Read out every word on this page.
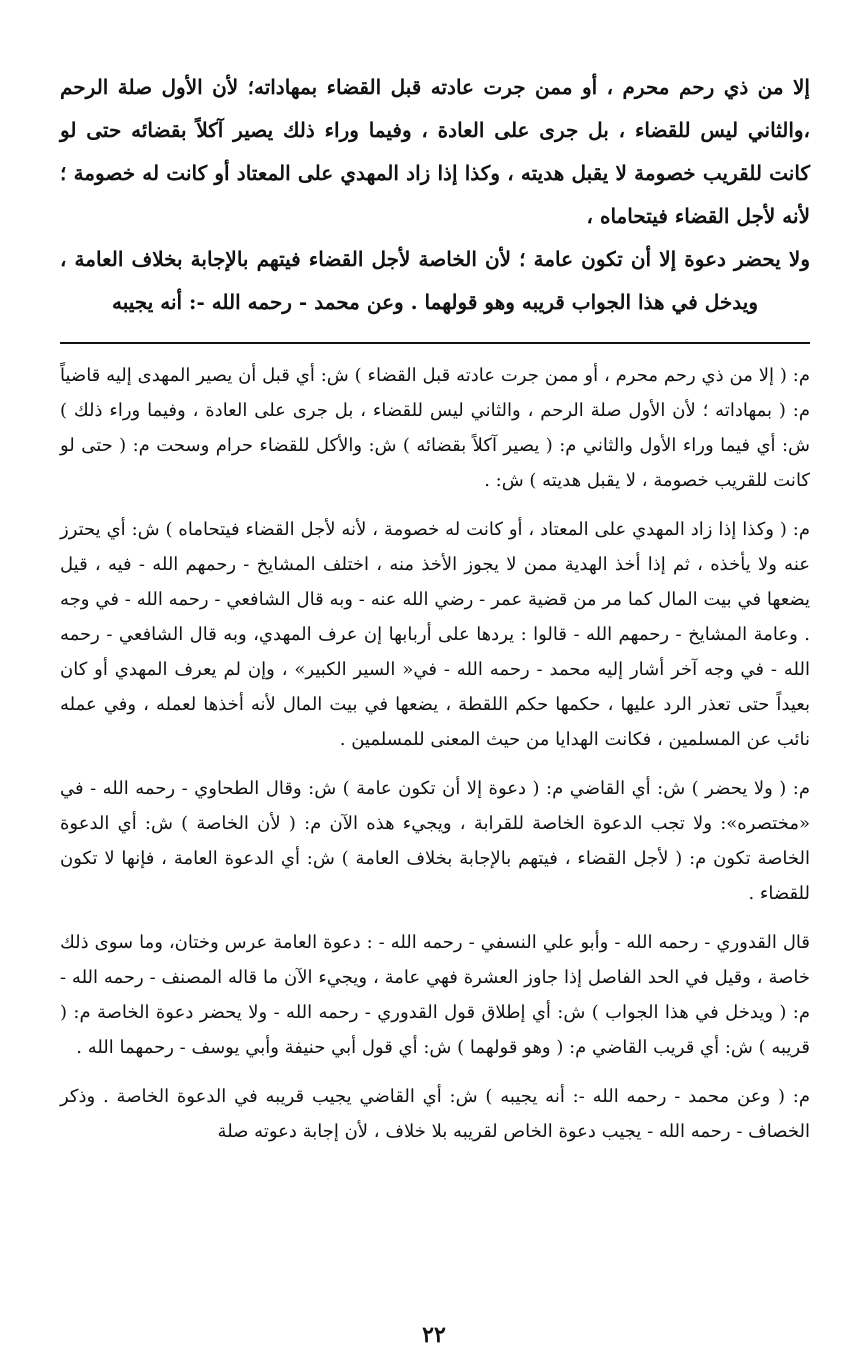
إلا من ذي رحم محرم ، أو ممن جرت عادته قبل القضاء بمهاداته؛ لأن الأول صلة الرحم ،والثاني ليس للقضاء ، بل جرى على العادة ، وفيما وراء ذلك يصير آكلاً بقضائه حتى لو كانت للقريب خصومة لا يقبل هديته ، وكذا إذا زاد المهدي على المعتاد أو كانت له خصومة ؛لأنه لأجل القضاء فيتحاماه ،

ولا يحضر دعوة إلا أن تكون عامة ؛ لأن الخاصة لأجل القضاء فيتهم بالإجابة بخلاف العامة ، ويدخل في هذا الجواب قريبه وهو قولهما . وعن محمد - رحمه الله -: أنه يجيبه

م: ( إلا من ذي رحم محرم ، أو ممن جرت عادته قبل القضاء ) ش: أي قبل أن يصير المهدى إليه قاضياً م: ( بمهاداته ؛ لأن الأول صلة الرحم ، والثاني ليس للقضاء ، بل جرى على العادة ، وفيما وراء ذلك ) ش: أي فيما وراء الأول والثاني م: ( يصير آكلاً بقضائه ) ش: والأكل للقضاء حرام وسحت م: ( حتى لو كانت للقريب خصومة ، لا يقبل هديته ) ش: .

م: ( وكذا إذا زاد المهدي على المعتاد ، أو كانت له خصومة ، لأنه لأجل القضاء فيتحاماه ) ش: أي يحترز عنه ولا يأخذه ، ثم إذا أخذ الهدية ممن لا يجوز الأخذ منه ، اختلف المشايخ - رحمهم الله - فيه ، قيل يضعها في بيت المال كما مر من قضية عمر - رضي الله عنه - وبه قال الشافعي - رحمه الله - في وجه . وعامة المشايخ - رحمهم الله - قالوا : يردها على أربابها إن عرف المهدي، وبه قال الشافعي - رحمه الله - في وجه آخر أشار إليه محمد - رحمه الله - في« السير الكبير» ، وإن لم يعرف المهدي أو كان بعيداً حتى تعذر الرد عليها ، حكمها حكم اللقطة ، يضعها في بيت المال لأنه أخذها لعمله ، وفي عمله نائب عن المسلمين ، فكانت الهدايا من حيث المعنى للمسلمين .

م: ( ولا يحضر ) ش: أي القاضي م: ( دعوة إلا أن تكون عامة ) ش: وقال الطحاوي - رحمه الله - في «مختصره»: ولا تجب الدعوة الخاصة للقرابة ، ويجيء هذه الآن م: ( لأن الخاصة ) ش: أي الدعوة الخاصة تكون م: ( لأجل القضاء ، فيتهم بالإجابة بخلاف العامة ) ش: أي الدعوة العامة ، فإنها لا تكون للقضاء .

قال القدوري - رحمه الله - وأبو علي النسفي - رحمه الله - : دعوة العامة عرس وختان، وما سوى ذلك خاصة ، وقيل في الحد الفاصل إذا جاوز العشرة فهي عامة ، ويجيء الآن ما قاله المصنف - رحمه الله - م: ( ويدخل في هذا الجواب ) ش: أي إطلاق قول القدوري - رحمه الله - ولا يحضر دعوة الخاصة م: ( قريبه ) ش: أي قريب القاضي م: ( وهو قولهما ) ش: أي قول أبي حنيفة وأبي يوسف - رحمهما الله .

م: ( وعن محمد - رحمه الله -: أنه يجيبه ) ش: أي القاضي يجيب قريبه في الدعوة الخاصة . وذكر الخصاف - رحمه الله - يجيب دعوة الخاص لقريبه بلا خلاف ، لأن إجابة دعوته صلة

٢٢
